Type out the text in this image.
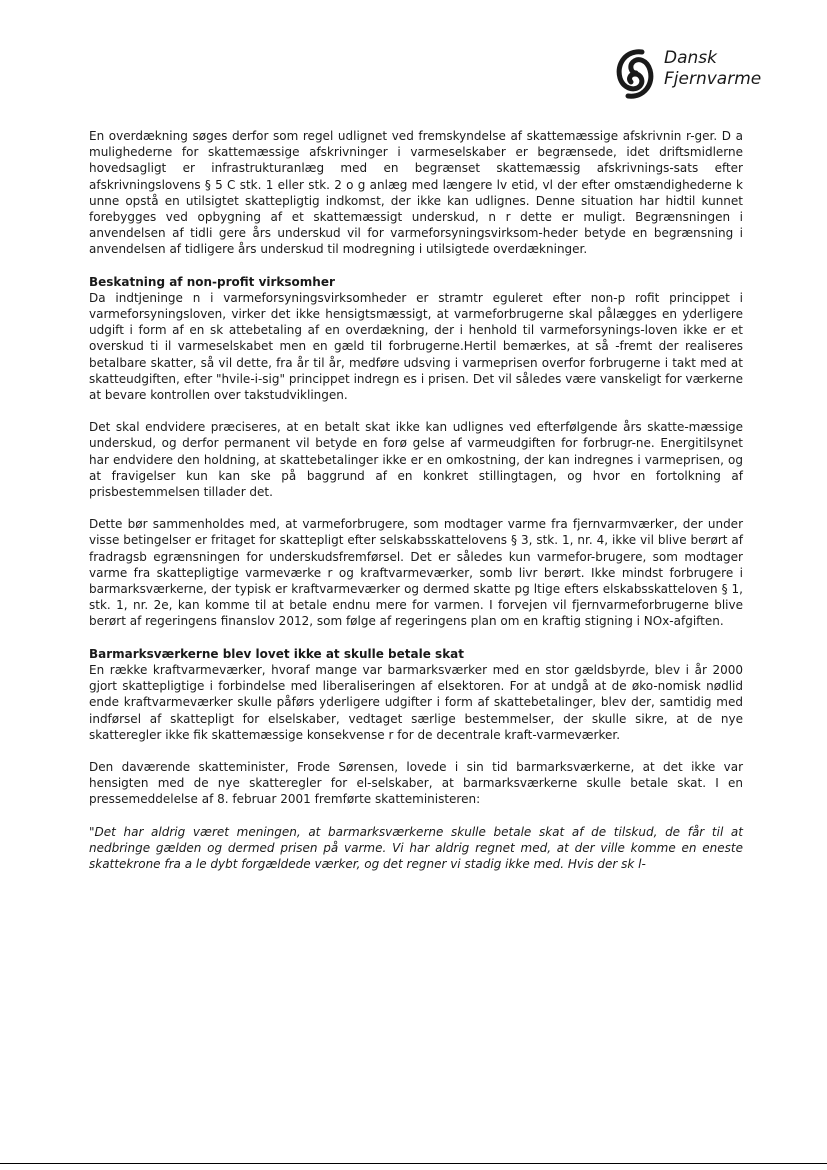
Dansk
Fjernvarme

En overdækning søges derfor som regel udlignet ved fremskyndelse af skattemæssige afskrivnin r-ger. D a mulighederne for skattemæssige afskrivninger i varmeselskaber er begrænsede, idet driftsmidlerne hovedsagligt er infrastrukturanlæg med en begrænset skattemæssig afskrivnings-sats efter afskrivningslovens § 5 C stk. 1 eller stk. 2 o g anlæg med længere lv etid, vl der efter omstændighederne k unne opstå en utilsigtet skattepligtig indkomst, der ikke kan udlignes. Denne situation har hidtil kunnet forebygges ved opbygning af et skattemæssigt underskud, n r dette er muligt. Begrænsningen i anvendelsen af tidli gere års underskud vil for varmeforsyningsvirksom-heder betyde en begrænsning i anvendelsen af tidligere års underskud til modregning i utilsigtede overdækninger.

Beskatning af non-profit virksomher

Da indtjeninge n i varmeforsyningsvirksomheder er stramtr eguleret efter non-p rofit princippet i varmeforsyningsloven, virker det ikke hensigtsmæssigt, at varmeforbrugerne skal pålægges en yderligere udgift i form af en sk attebetaling af en overdækning, der i henhold til varmeforsynings-loven ikke er et overskud ti il varmeselskabet men en gæld til forbrugerne.Hertil bemærkes, at så -fremt der realiseres betalbare skatter, så vil dette, fra år til år, medføre udsving i varmeprisen overfor forbrugerne i takt med at skatteudgiften, efter "hvile-i-sig" princippet indregn es i prisen. Det vil således være vanskeligt for værkerne at bevare kontrollen over takstudviklingen.

Det skal endvidere præciseres, at en betalt skat ikke kan udlignes ved efterfølgende års skatte-mæssige underskud, og derfor permanent vil betyde en forø gelse af varmeudgiften for forbrugr-ne. Energitilsynet har endvidere den holdning, at skattebetalinger ikke er en omkostning, der kan indregnes i varmeprisen, og at fravigelser kun kan ske på baggrund af en konkret stillingtagen, og hvor en fortolkning af prisbestemmelsen tillader det.

Dette bør sammenholdes med, at varmeforbrugere, som modtager varme fra fjernvarmværker, der under visse betingelser er fritaget for skattepligt efter selskabsskattelovens § 3, stk. 1, nr. 4, ikke vil blive berørt af fradragsb egrænsningen for underskudsfremførsel. Det er således kun varmefor-brugere, som modtager varme fra skattepligtige varmeværke r og kraftvarmeværker, somb livr berørt. Ikke mindst forbrugere i barmarksværkerne, der typisk er kraftvarmeværker og dermed skatte pg ltige efters elskabsskatteloven § 1, stk. 1, nr. 2e, kan komme til at betale endnu mere for varmen. I forvejen vil fjernvarmeforbrugerne blive berørt af regeringens finanslov 2012, som følge af regeringens plan om en kraftig stigning i NOx-afgiften.

Barmarksværkerne blev lovet ikke at skulle betale skat

En række kraftvarmeværker, hvoraf mange var barmarksværker med en stor gældsbyrde, blev i år 2000 gjort skattepligtige i forbindelse med liberaliseringen af elsektoren. For at undgå at de øko-nomisk nødlid ende kraftvarmeværker skulle påførs yderligere udgifter i form af skattebetalinger, blev der, samtidig med indførsel af skattepligt for elselskaber, vedtaget særlige bestemmelser, der skulle sikre, at de nye skatteregler ikke fik skattemæssige konsekvense r for de decentrale kraft-varmeværker.

Den daværende skatteminister, Frode Sørensen, lovede i sin tid barmarksværkerne, at det ikke var hensigten med de nye skatteregler for el-selskaber, at barmarksværkerne skulle betale skat. I en pressemeddelelse af 8. februar 2001 fremførte skatteministeren:

"Det har aldrig været meningen, at barmarksværkerne skulle betale skat af de tilskud, de får til at nedbringe gælden og dermed prisen på varme. Vi har aldrig regnet med, at der ville komme en eneste skattekrone fra a le dybt forgældede værker, og det regner vi stadig ikke med. Hvis der sk l-
